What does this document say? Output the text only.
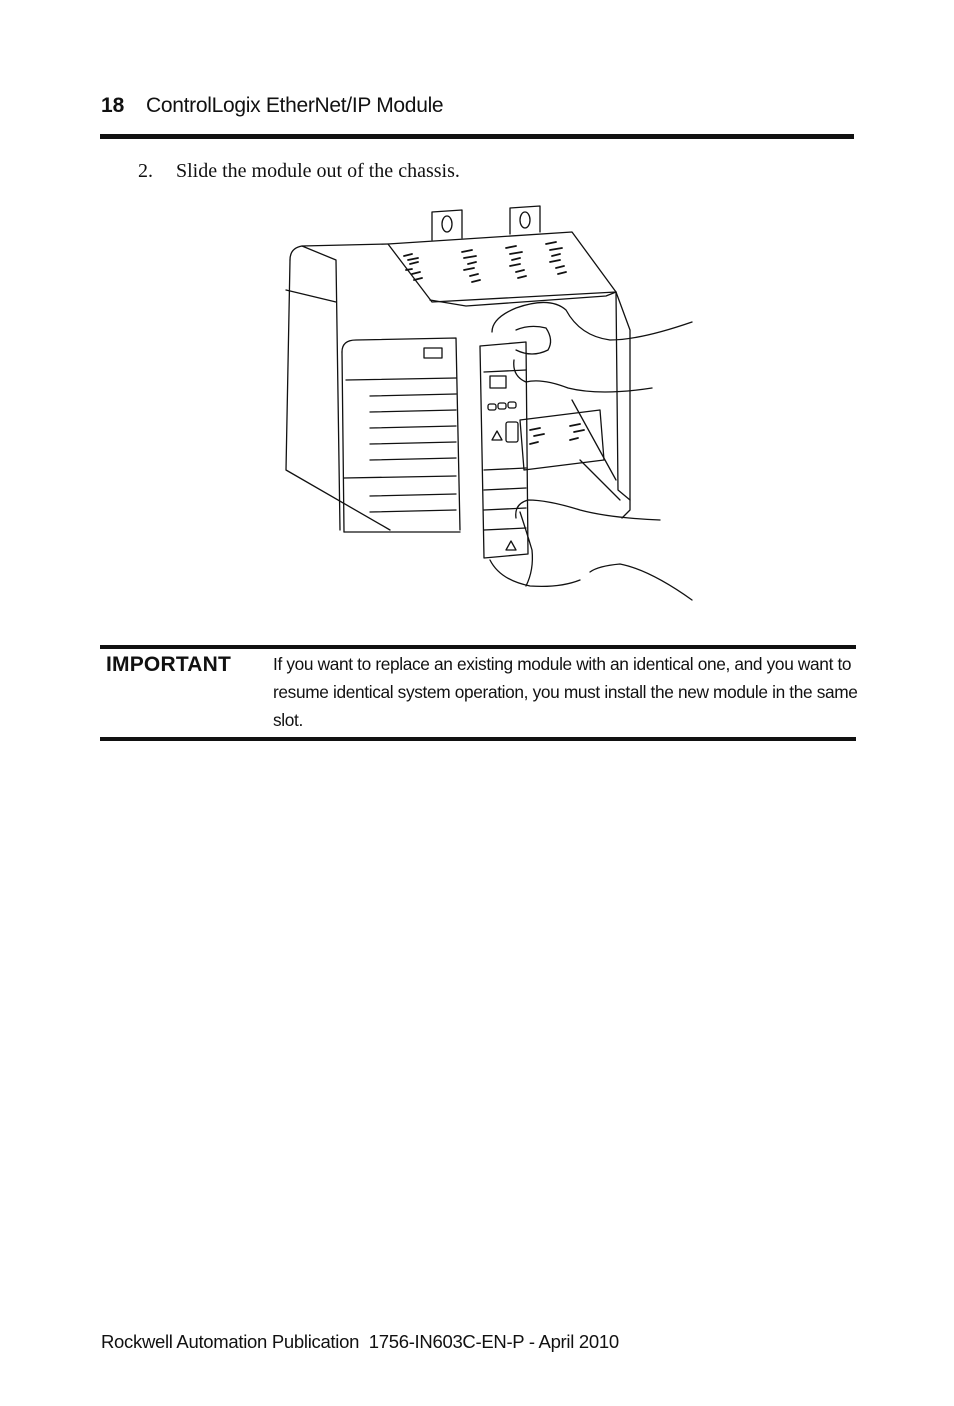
18 ControlLogix EtherNet/IP Module
2. Slide the module out of the chassis.
IMPORTANT If you want to replace an existing module with an identical one, and you want to resume identical system operation, you must install the new module in the same slot.
Rockwell Automation Publication  1756-IN603C-EN-P - April 2010
